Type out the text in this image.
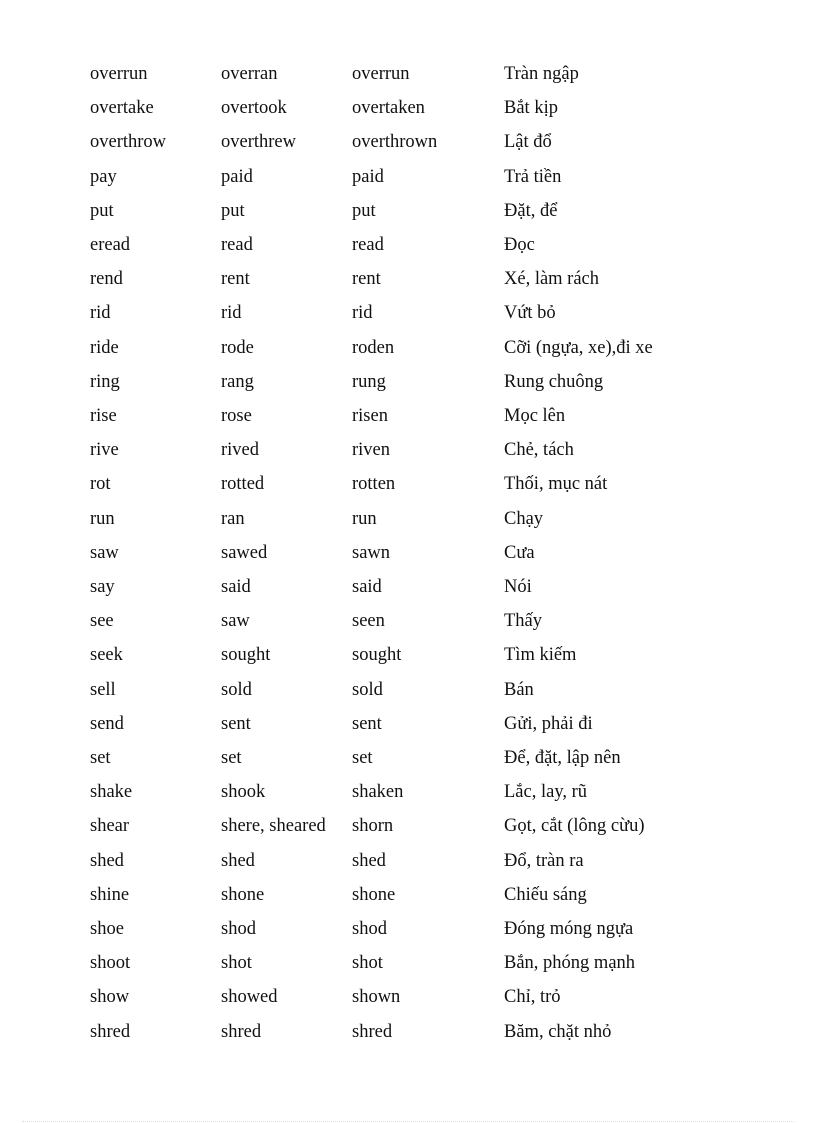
overrun	overran	overrun	Tràn ngập
overtake	overtook	overtaken	Bắt kịp
overthrow	overthrew	overthrown	Lật đổ
pay	paid	paid	Trả tiền
put	put	put	Đặt, để
eread	read	read	Đọc
rend	rent	rent	Xé, làm rách
rid	rid	rid	Vứt bỏ
ride	rode	roden	Cỡi (ngựa, xe),đi xe
ring	rang	rung	Rung chuông
rise	rose	risen	Mọc lên
rive	rived	riven	Chẻ, tách
rot	rotted	rotten	Thối, mục nát
run	ran	run	Chạy
saw	sawed	sawn	Cưa
say	said	said	Nói
see	saw	seen	Thấy
seek	sought	sought	Tìm kiếm
sell	sold	sold	Bán
send	sent	sent	Gửi, phải đi
set	set	set	Để, đặt, lập nên
shake	shook	shaken	Lắc, lay, rũ
shear	shere, sheared	shorn	Gọt, cắt (lông cừu)
shed	shed	shed	Đổ, tràn ra
shine	shone	shone	Chiếu sáng
shoe	shod	shod	Đóng móng ngựa
shoot	shot	shot	Bắn, phóng mạnh
show	showed	shown	Chỉ, trỏ
shred	shred	shred	Băm, chặt nhỏ
